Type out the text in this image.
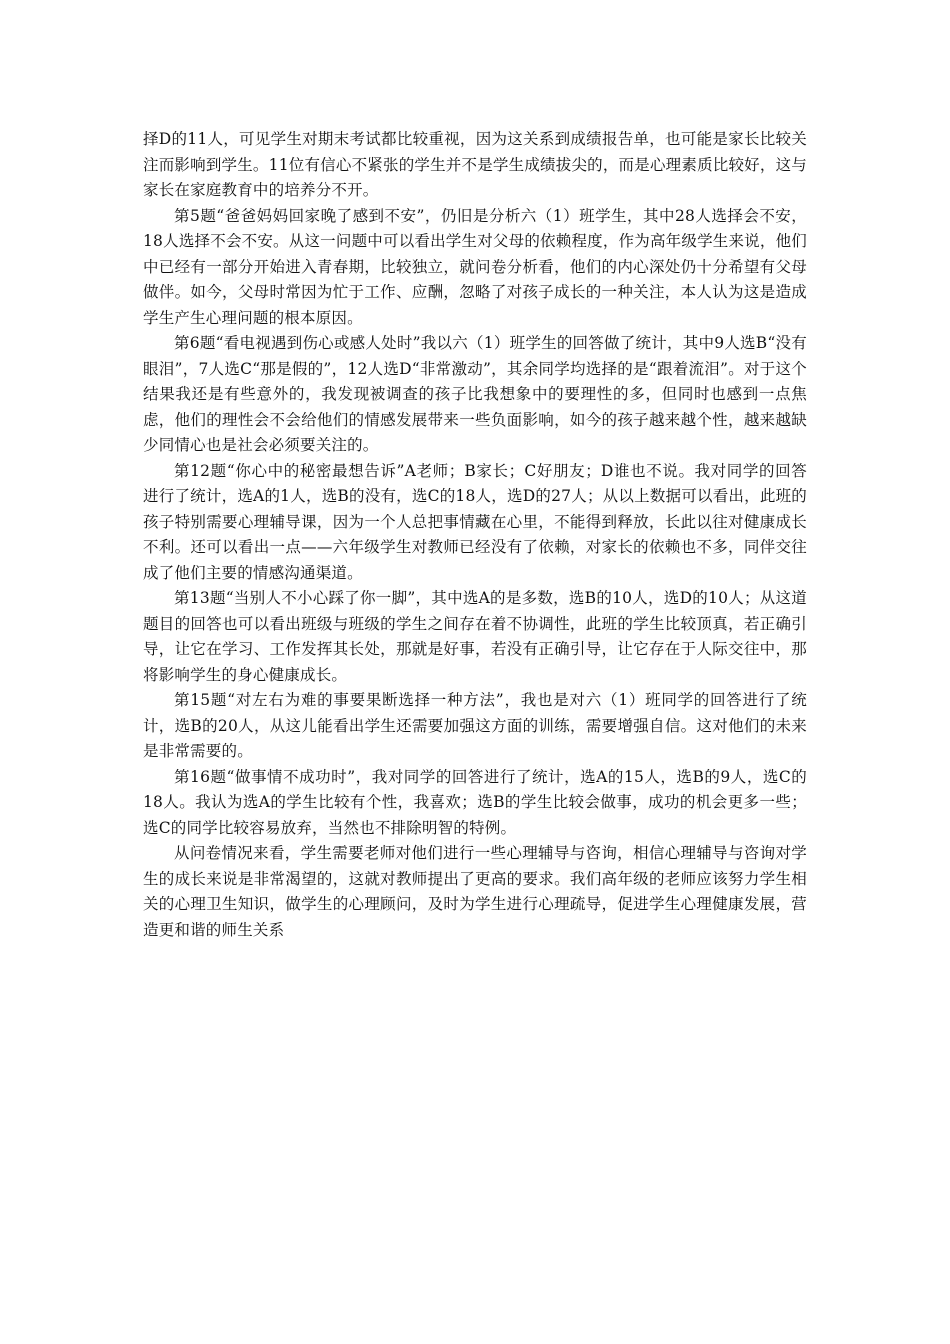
择D的11人，可见学生对期末考试都比较重视，因为这关系到成绩报告单，也可能是家长比较关注而影响到学生。11位有信心不紧张的学生并不是学生成绩拔尖的，而是心理素质比较好，这与家长在家庭教育中的培养分不开。

第5题“爸爸妈妈回家晚了感到不安”，仍旧是分析六（1）班学生，其中28人选择会不安，18人选择不会不安。从这一问题中可以看出学生对父母的依赖程度，作为高年级学生来说，他们中已经有一部分开始进入青春期，比较独立，就问卷分析看，他们的内心深处仍十分希望有父母做伴。如今，父母时常因为忙于工作、应酬，忽略了对孩子成长的一种关注，本人认为这是造成学生产生心理问题的根本原因。

第6题“看电视遇到伤心或感人处时”我以六（1）班学生的回答做了统计，其中9人选B“没有眼泪”，7人选C“那是假的”，12人选D“非常激动”，其余同学均选择的是“跟着流泪”。对于这个结果我还是有些意外的，我发现被调查的孩子比我想象中的要理性的多，但同时也感到一点焦虑，他们的理性会不会给他们的情感发展带来一些负面影响，如今的孩子越来越个性，越来越缺少同情心也是社会必须要关注的。

第12题“你心中的秘密最想告诉”A老师；B家长；C好朋友；D谁也不说。我对同学的回答进行了统计，选A的1人，选B的没有，选C的18人，选D的27人；从以上数据可以看出，此班的孩子特别需要心理辅导课，因为一个人总把事情藏在心里，不能得到释放，长此以往对健康成长不利。还可以看出一点——六年级学生对教师已经没有了依赖，对家长的依赖也不多，同伴交往成了他们主要的情感沟通渠道。

第13题“当别人不小心踩了你一脚”，其中选A的是多数，选B的10人，选D的10人；从这道题目的回答也可以看出班级与班级的学生之间存在着不协调性，此班的学生比较顶真，若正确引导，让它在学习、工作发挥其长处，那就是好事，若没有正确引导，让它存在于人际交往中，那将影响学生的身心健康成长。

第15题“对左右为难的事要果断选择一种方法”，我也是对六（1）班同学的回答进行了统计，选B的20人，从这儿能看出学生还需要加强这方面的训练，需要增强自信。这对他们的未来是非常需要的。

第16题“做事情不成功时”，我对同学的回答进行了统计，选A的15人，选B的9人，选C的18人。我认为选A的学生比较有个性，我喜欢；选B的学生比较会做事，成功的机会更多一些；选C的同学比较容易放弃，当然也不排除明智的特例。

从问卷情况来看，学生需要老师对他们进行一些心理辅导与咨询，相信心理辅导与咨询对学生的成长来说是非常渴望的，这就对教师提出了更高的要求。我们高年级的老师应该努力学生相关的心理卫生知识，做学生的心理顾问，及时为学生进行心理疏导，促进学生心理健康发展，营造更和谐的师生关系
